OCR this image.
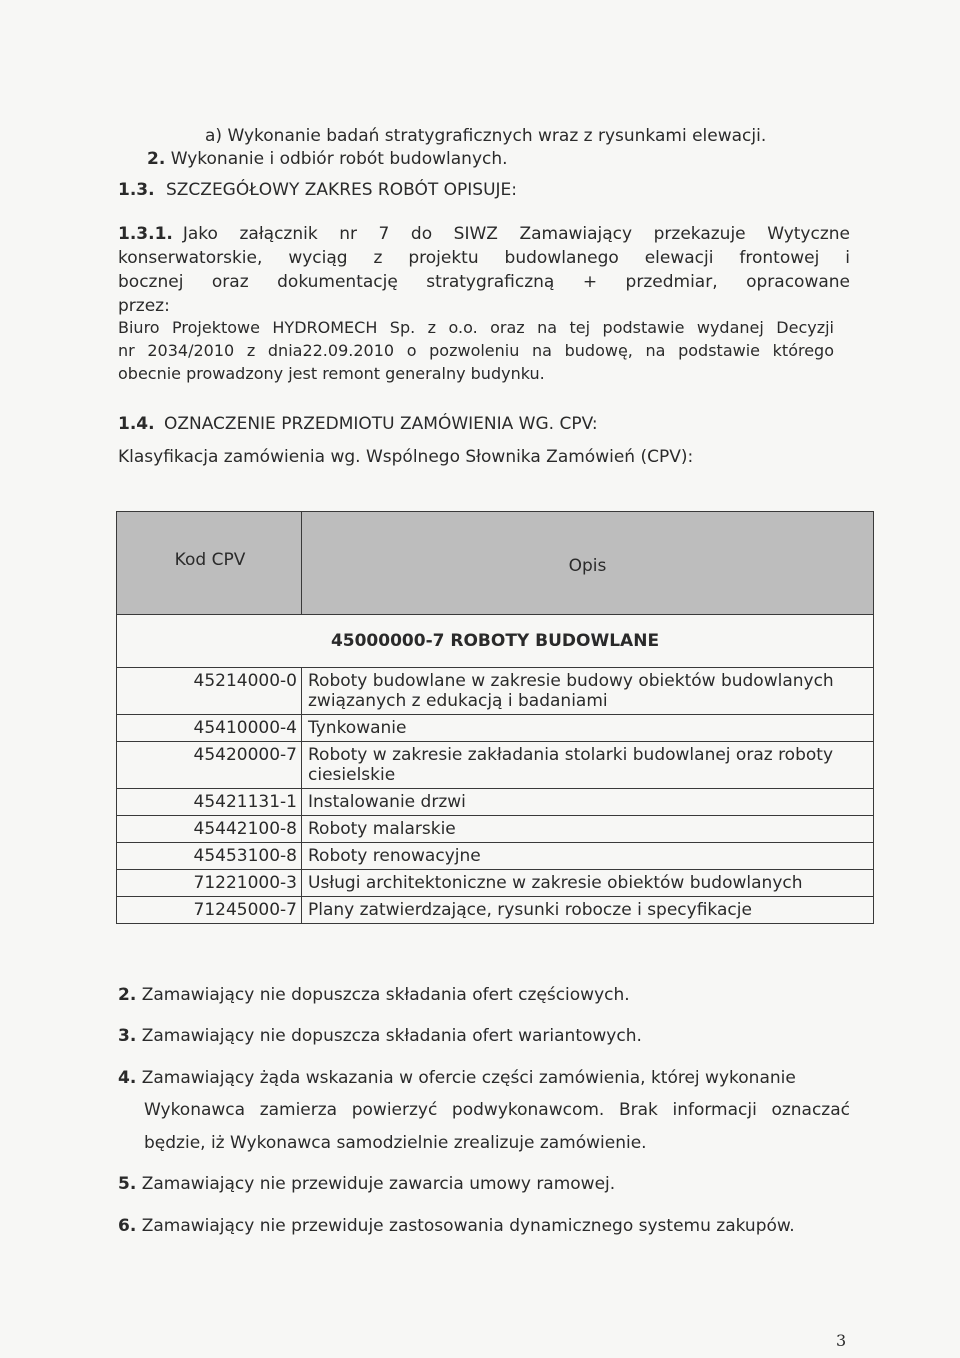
a) Wykonanie badań stratygraficznych wraz z rysunkami elewacji.
2. Wykonanie i odbiór robót budowlanych.
1.3. SZCZEGÓŁOWY ZAKRES ROBÓT OPISUJE:
1.3.1. Jako załącznik nr 7 do SIWZ Zamawiający przekazuje Wytyczne
konserwatorskie, wyciąg z projektu budowlanego elewacji frontowej i
bocznej oraz dokumentację stratygraficzną + przedmiar, opracowane
przez:
Biuro Projektowe HYDROMECH Sp. z o.o. oraz na tej podstawie wydanej Decyzji
nr 2034/2010 z dnia22.09.2010 o pozwoleniu na budowę, na podstawie którego
obecnie prowadzony jest remont generalny budynku.
1.4. OZNACZENIE PRZEDMIOTU ZAMÓWIENIA WG. CPV:
Klasyfikacja zamówienia wg. Wspólnego Słownika Zamówień (CPV):
Kod CPV	Opis
45000000-7 ROBOTY BUDOWLANE	
45214000-0	Roboty budowlane w zakresie budowy obiektów budowlanych związanych z edukacją i badaniami
45410000-4	Tynkowanie
45420000-7	Roboty w zakresie zakładania stolarki budowlanej oraz roboty ciesielskie
45421131-1	Instalowanie drzwi
45442100-8	Roboty malarskie
45453100-8	Roboty renowacyjne
71221000-3	Usługi architektoniczne w zakresie obiektów budowlanych
71245000-7	Plany zatwierdzające, rysunki robocze i specyfikacje
2. Zamawiający nie dopuszcza składania ofert częściowych.
3. Zamawiający nie dopuszcza składania ofert wariantowych.
4. Zamawiający żąda wskazania w ofercie części zamówienia, której wykonanie
Wykonawca zamierza powierzyć podwykonawcom. Brak informacji oznaczać
będzie, iż Wykonawca samodzielnie zrealizuje zamówienie.
5. Zamawiający nie przewiduje zawarcia umowy ramowej.
6. Zamawiający nie przewiduje zastosowania dynamicznego systemu zakupów.
3
